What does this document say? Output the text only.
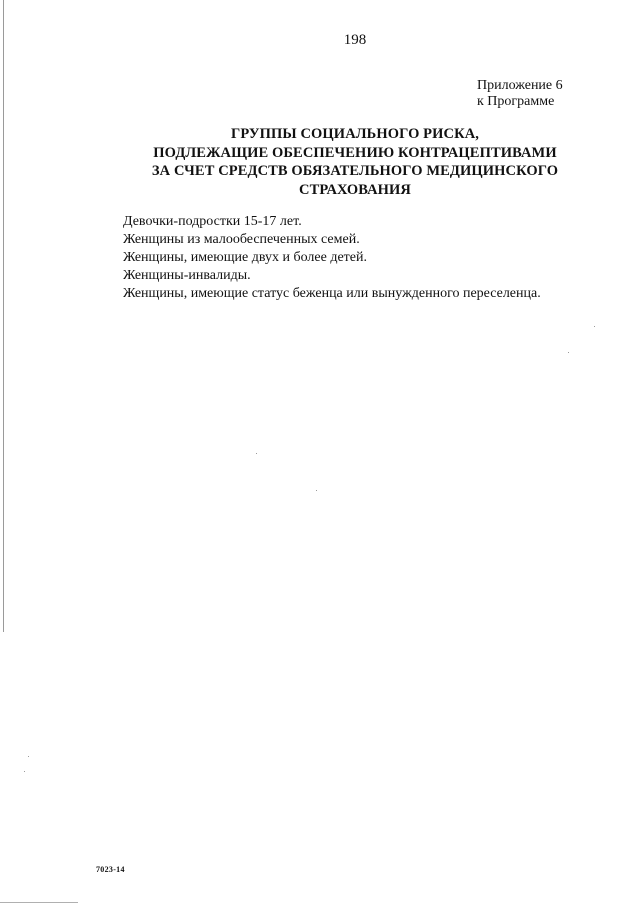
198
Приложение 6
к Программе
ГРУППЫ СОЦИАЛЬНОГО РИСКА,
ПОДЛЕЖАЩИЕ ОБЕСПЕЧЕНИЮ КОНТРАЦЕПТИВАМИ
ЗА СЧЕТ СРЕДСТВ ОБЯЗАТЕЛЬНОГО МЕДИЦИНСКОГО
СТРАХОВАНИЯ
Девочки-подростки 15-17 лет.
Женщины из малообеспеченных семей.
Женщины, имеющие двух и более детей.
Женщины-инвалиды.
Женщины, имеющие статус беженца или вынужденного переселенца.
7023-14
